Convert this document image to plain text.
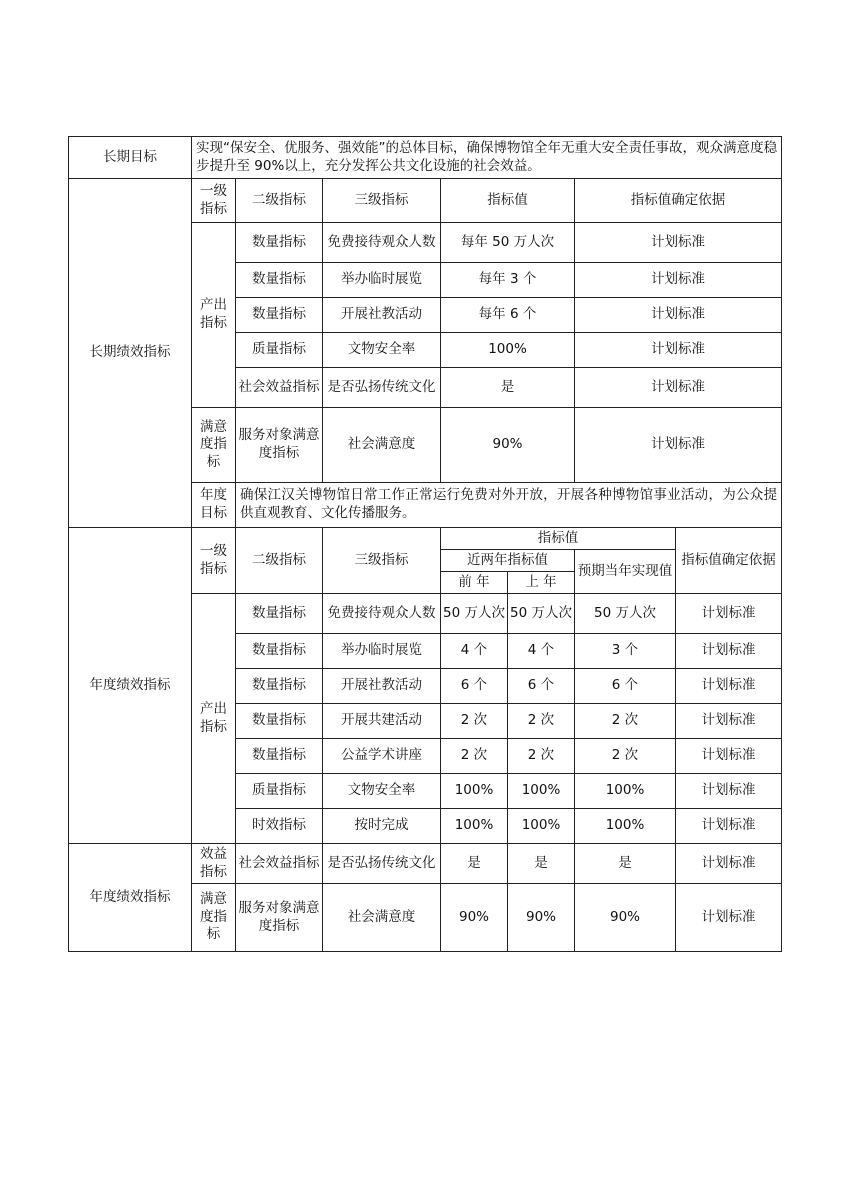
长期目标	实现“保安全、优服务、强效能”的总体目标，确保博物馆全年无重大安全责任事故，观众满意度稳步提升至 90%以上，充分发挥公共文化设施的社会效益。						
长期绩效指标	一级指标	二级指标	三级指标	指标值		指标值确定依据	
	产出指标	数量指标	免费接待观众人数	每年 50 万人次		计划标准	
		数量指标	举办临时展览	每年 3 个		计划标准	
		数量指标	开展社教活动	每年 6 个		计划标准	
		质量指标	文物安全率	100%		计划标准	
		社会效益指标	是否弘扬传统文化	是		计划标准	
	满意度指标	服务对象满意度指标	社会满意度	90%		计划标准	
	年度目标	确保江汉关博物馆日常工作正常运行免费对外开放，开展各种博物馆事业活动，为公众提供直观教育、文化传播服务。					
年度绩效指标	一级指标	二级指标	三级指标	指标值			指标值确定依据
				近两年指标值		预期当年实现值	
				前 年	上 年		
	产出指标	数量指标	免费接待观众人数	50 万人次	50 万人次	50 万人次	计划标准
		数量指标	举办临时展览	4 个	4 个	3 个	计划标准
		数量指标	开展社教活动	6 个	6 个	6 个	计划标准
		数量指标	开展共建活动	2 次	2 次	2 次	计划标准
		数量指标	公益学术讲座	2 次	2 次	2 次	计划标准
		质量指标	文物安全率	100%	100%	100%	计划标准
		时效指标	按时完成	100%	100%	100%	计划标准
年度绩效指标	效益指标	社会效益指标	是否弘扬传统文化	是	是	是	计划标准
	满意度指标	服务对象满意度指标	社会满意度	90%	90%	90%	计划标准
